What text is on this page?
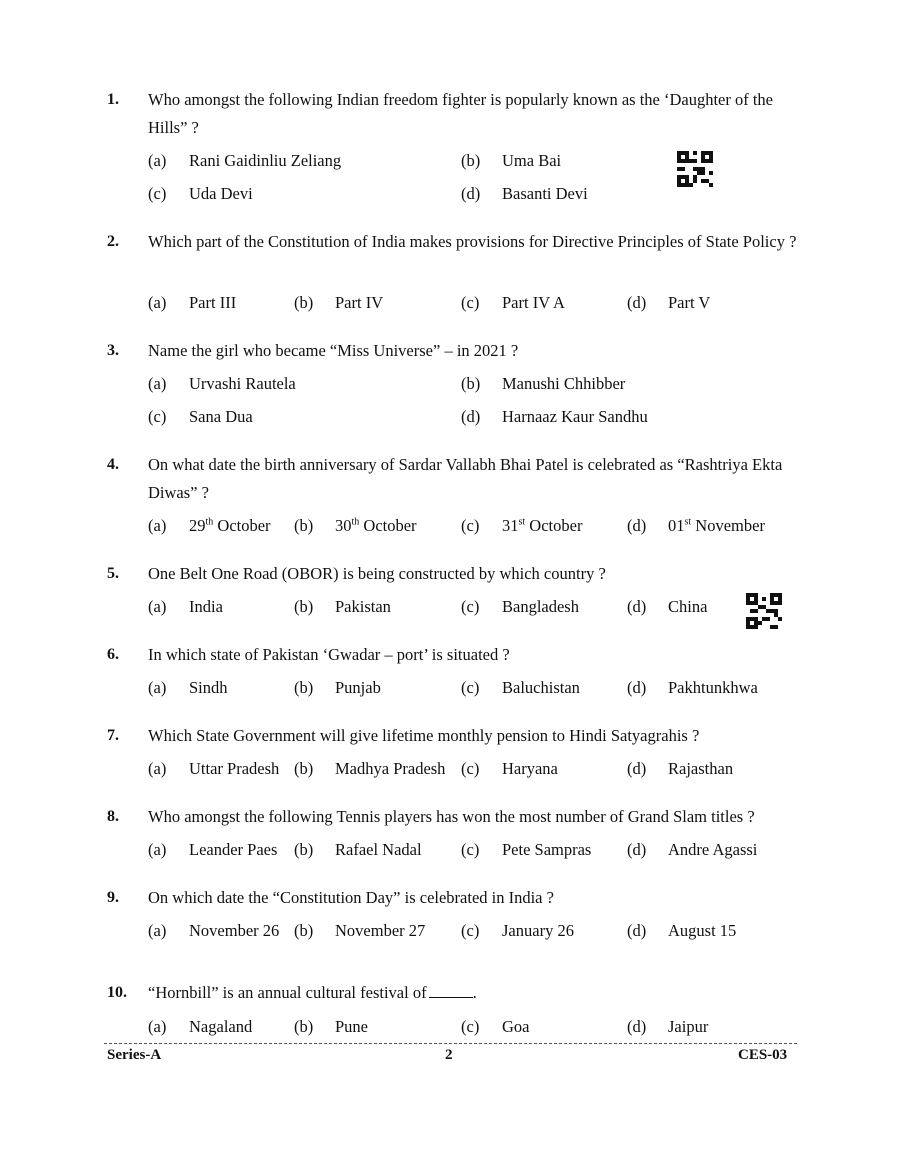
1. Who amongst the following Indian freedom fighter is popularly known as the ‘Daughter of the Hills” ?
(a) Rani Gaidinliu Zeliang	(b) Uma Bai
(c) Uda Devi	(d) Basanti Devi
2. Which part of the Constitution of India makes provisions for Directive Principles of State Policy ?
(a) Part III	(b) Part IV	(c) Part IV A	(d) Part V
3. Name the girl who became “Miss Universe” – in 2021 ?
(a) Urvashi Rautela	(b) Manushi Chhibber
(c) Sana Dua	(d) Harnaaz Kaur Sandhu
4. On what date the birth anniversary of Sardar Vallabh Bhai Patel is celebrated as “Rashtriya Ekta Diwas” ?
(a) 29th October (b) 30th October	(c) 31st October	(d) 01st November
5. One Belt One Road (OBOR) is being constructed by which country ?
(a) India	(b) Pakistan	(c) Bangladesh	(d) China
6. In which state of Pakistan ‘Gwadar – port’ is situated ?
(a) Sindh	(b) Punjab	(c) Baluchistan	(d) Pakhtunkhwa
7. Which State Government will give lifetime monthly pension to Hindi Satyagrahis ?
(a) Uttar Pradesh (b) Madhya Pradesh (c) Haryana	(d) Rajasthan
8. Who amongst the following Tennis players has won the most number of Grand Slam titles ?
(a) Leander Paes (b) Rafael Nadal (c) Pete Sampras (d) Andre Agassi
9. On which date the “Constitution Day” is celebrated in India ?
(a) November 26 (b) November 27 (c) January 26	(d) August 15
10. “Hornbill” is an annual cultural festival of	.
(a) Nagaland	(b) Pune	(c) Goa	(d) Jaipur
Series-A	2	CES-03
